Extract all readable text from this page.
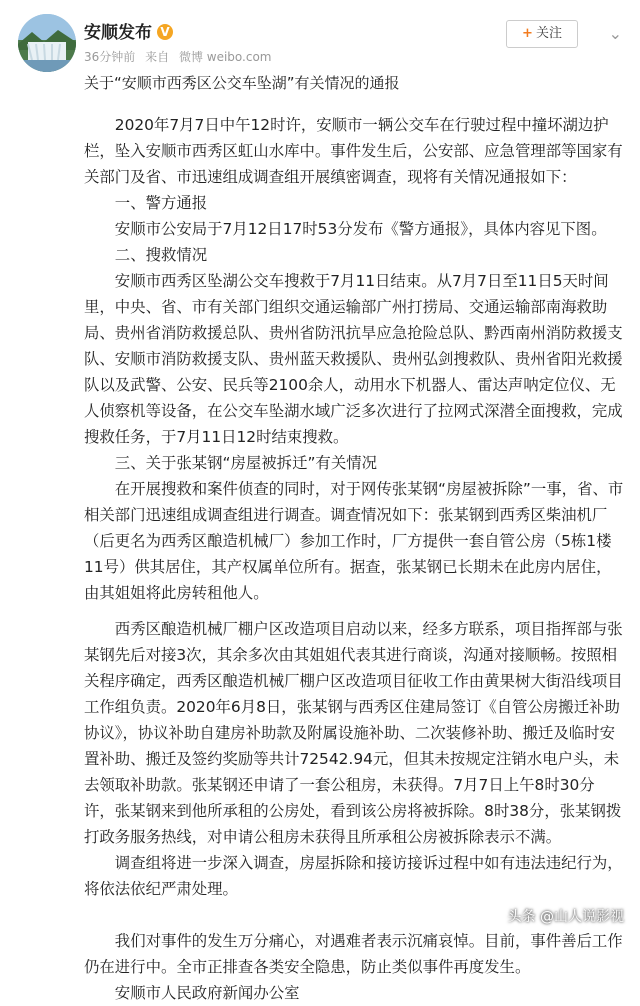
安顺发布 V
36分钟前 来自 微博 weibo.com
+ 关注	⌄
关于“安顺市西秀区公交车坠湖”有关情况的通报

2020年7月7日中午12时许，安顺市一辆公交车在行驶过程中撞坏湖边护栏，坠入安顺市西秀区虹山水库中。事件发生后，公安部、应急管理部等国家有关部门及省、市迅速组成调查组开展缜密调查，现将有关情况通报如下：

一、警方通报

安顺市公安局于7月12日17时53分发布《警方通报》，具体内容见下图。

二、搜救情况

安顺市西秀区坠湖公交车搜救于7月11日结束。从7月7日至11日5天时间里，中央、省、市有关部门组织交通运输部广州打捞局、交通运输部南海救助局、贵州省消防救援总队、贵州省防汛抗旱应急抢险总队、黔西南州消防救援支队、安顺市消防救援支队、贵州蓝天救援队、贵州弘剑搜救队、贵州省阳光救援队以及武警、公安、民兵等2100余人，动用水下机器人、雷达声呐定位仪、无人侦察机等设备，在公交车坠湖水域广泛多次进行了拉网式深潜全面搜救，完成搜救任务，于7月11日12时结束搜救。

三、关于张某钢“房屋被拆迁”有关情况

在开展搜救和案件侦查的同时，对于网传张某钢“房屋被拆除”一事，省、市相关部门迅速组成调查组进行调查。调查情况如下：张某钢到西秀区柴油机厂（后更名为西秀区酿造机械厂）参加工作时，厂方提供一套自管公房（5栋1楼11号）供其居住，其产权属单位所有。据查，张某钢已长期未在此房内居住，由其姐姐将此房转租他人。

西秀区酿造机械厂棚户区改造项目启动以来，经多方联系，项目指挥部与张某钢先后对接3次，其余多次由其姐姐代表其进行商谈，沟通对接顺畅。按照相关程序确定，西秀区酿造机械厂棚户区改造项目征收工作由黄果树大街沿线项目工作组负责。2020年6月8日，张某钢与西秀区住建局签订《自管公房搬迁补助协议》，协议补助自建房补助款及附属设施补助、二次装修补助、搬迁及临时安置补助、搬迁及签约奖励等共计72542.94元，但其未按规定注销水电户头，未去领取补助款。张某钢还申请了一套公租房，未获得。7月7日上午8时30分许，张某钢来到他所承租的公房处，看到该公房将被拆除。8时38分，张某钢拨打政务服务热线，对申请公租房未获得且所承租公房被拆除表示不满。

调查组将进一步深入调查，房屋拆除和接访接诉过程中如有违法违纪行为，将依法依纪严肃处理。

我们对事件的发生万分痛心，对遇难者表示沉痛哀悼。目前，事件善后工作仍在进行中。全市正排查各类安全隐患，防止类似事件再度发生。

安顺市人民政府新闻办公室

头条 @山人说影视
